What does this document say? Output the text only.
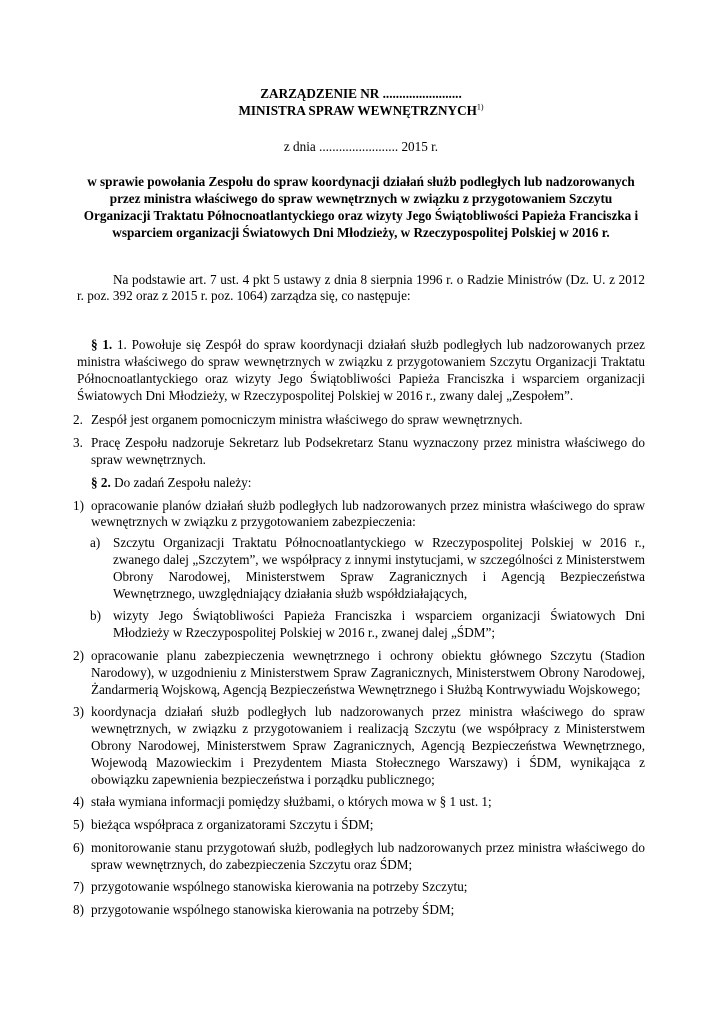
ZARZĄDZENIE NR ........................
MINISTRA SPRAW WEWNĘTRZNYCH$^{1)}$
z dnia ........................ 2015 r.
w sprawie powołania Zespołu do spraw koordynacji działań służb podległych lub nadzorowanych przez ministra właściwego do spraw wewnętrznych w związku z przygotowaniem Szczytu Organizacji Traktatu Północnoatlantyckiego oraz wizyty Jego Świątobliwości Papieża Franciszka i wsparciem organizacji Światowych Dni Młodzieży, w Rzeczypospolitej Polskiej w 2016 r.
Na podstawie art. 7 ust. 4 pkt 5 ustawy z dnia 8 sierpnia 1996 r. o Radzie Ministrów (Dz. U. z 2012 r. poz. 392 oraz z 2015 r. poz. 1064) zarządza się, co następuje:
§ 1. 1. Powołuje się Zespół do spraw koordynacji działań służb podległych lub nadzorowanych przez ministra właściwego do spraw wewnętrznych w związku z przygotowaniem Szczytu Organizacji Traktatu Północnoatlantyckiego oraz wizyty Jego Świątobliwości Papieża Franciszka i wsparciem organizacji Światowych Dni Młodzieży, w Rzeczypospolitej Polskiej w 2016 r., zwany dalej „Zespołem”.
2. Zespół jest organem pomocniczym ministra właściwego do spraw wewnętrznych.
3. Pracę Zespołu nadzoruje Sekretarz lub Podsekretarz Stanu wyznaczony przez ministra właściwego do spraw wewnętrznych.
§ 2. Do zadań Zespołu należy:
1) opracowanie planów działań służb podległych lub nadzorowanych przez ministra właściwego do spraw wewnętrznych w związku z przygotowaniem zabezpieczenia:
a) Szczytu Organizacji Traktatu Północnoatlantyckiego w Rzeczypospolitej Polskiej w 2016 r., zwanego dalej „Szczytem”, we współpracy z innymi instytucjami, w szczególności z Ministerstwem Obrony Narodowej, Ministerstwem Spraw Zagranicznych i Agencją Bezpieczeństwa Wewnętrznego, uwzględniający działania służb współdziałających,
b) wizyty Jego Świątobliwości Papieża Franciszka i wsparciem organizacji Światowych Dni Młodzieży w Rzeczypospolitej Polskiej w 2016 r., zwanej dalej „ŚDM”;
2) opracowanie planu zabezpieczenia wewnętrznego i ochrony obiektu głównego Szczytu (Stadion Narodowy), w uzgodnieniu z Ministerstwem Spraw Zagranicznych, Ministerstwem Obrony Narodowej, Żandarmerią Wojskową, Agencją Bezpieczeństwa Wewnętrznego i Służbą Kontrwywiadu Wojskowego;
3) koordynacja działań służb podległych lub nadzorowanych przez ministra właściwego do spraw wewnętrznych, w związku z przygotowaniem i realizacją Szczytu (we współpracy z Ministerstwem Obrony Narodowej, Ministerstwem Spraw Zagranicznych, Agencją Bezpieczeństwa Wewnętrznego, Wojewodą Mazowieckim i Prezydentem Miasta Stołecznego Warszawy) i ŚDM, wynikająca z obowiązku zapewnienia bezpieczeństwa i porządku publicznego;
4) stała wymiana informacji pomiędzy służbami, o których mowa w § 1 ust. 1;
5) bieżąca współpraca z organizatorami Szczytu i ŚDM;
6) monitorowanie stanu przygotowań służb, podległych lub nadzorowanych przez ministra właściwego do spraw wewnętrznych, do zabezpieczenia Szczytu oraz ŚDM;
7) przygotowanie wspólnego stanowiska kierowania na potrzeby Szczytu;
8) przygotowanie wspólnego stanowiska kierowania na potrzeby ŚDM;
